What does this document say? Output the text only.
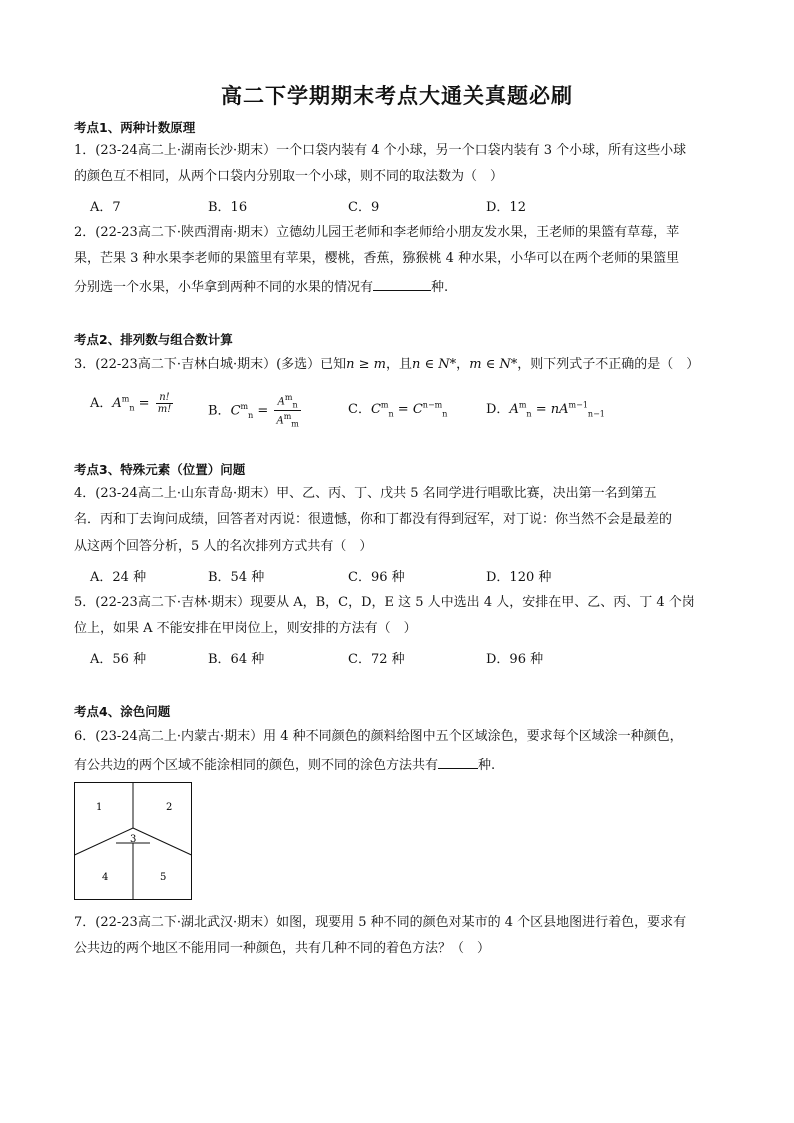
高二下学期期末考点大通关真题必刷
考点1、两种计数原理
1．(23-24高二上·湖南长沙·期末）一个口袋内装有 4 个小球，另一个口袋内装有 3 个小球，所有这些小球
的颜色互不相同，从两个口袋内分别取一个小球，则不同的取法数为（　）
A．7	B．16	C．9	D．12
2．(22-23高二下·陕西渭南·期末）立德幼儿园王老师和李老师给小朋友发水果，王老师的果篮有草莓，苹
果，芒果 3 种水果李老师的果篮里有苹果，樱桃，香蕉，猕猴桃 4 种水果，小华可以在两个老师的果篮里
分别选一个水果，小华拿到两种不同的水果的情况有	种.
考点2、排列数与组合数计算
3．(22-23高二下·吉林白城·期末）(多选）已知n ≥ m，且n ∈ N*，m ∈ N*，则下列式子不正确的是（　）
A．$A^m_n = \frac{n!}{m!}$	B．$C^m_n = \frac{A^m_n}{A^m_m}$	C．$C^m_n = C^{n-m}_n$	D．$A^m_n = nA^{m-1}_{n-1}$
考点3、特殊元素（位置）问题
4．(23-24高二上·山东青岛·期末）甲、乙、丙、丁、戊共 5 名同学进行唱歌比赛，决出第一名到第五
名．丙和丁去询问成绩，回答者对丙说：很遗憾，你和丁都没有得到冠军，对丁说：你当然不会是最差的
从这两个回答分析，5 人的名次排列方式共有（　）
A．24 种	B．54 种	C．96 种	D．120 种
5．(22-23高二下·吉林·期末）现要从 A，B，C，D，E 这 5 人中选出 4 人，安排在甲、乙、丙、丁 4 个岗
位上，如果 A 不能安排在甲岗位上，则安排的方法有（　）
A．56 种	B．64 种	C．72 种	D．96 种
考点4、涂色问题
6．(23-24高二上·内蒙古·期末）用 4 种不同颜色的颜料给图中五个区域涂色，要求每个区域涂一种颜色，
有公共边的两个区域不能涂相同的颜色，则不同的涂色方法共有	种.
1	2
3
4	5
7．(22-23高二下·湖北武汉·期末）如图，现要用 5 种不同的颜色对某市的 4 个区县地图进行着色，要求有
公共边的两个地区不能用同一种颜色，共有几种不同的着色方法？（　）
